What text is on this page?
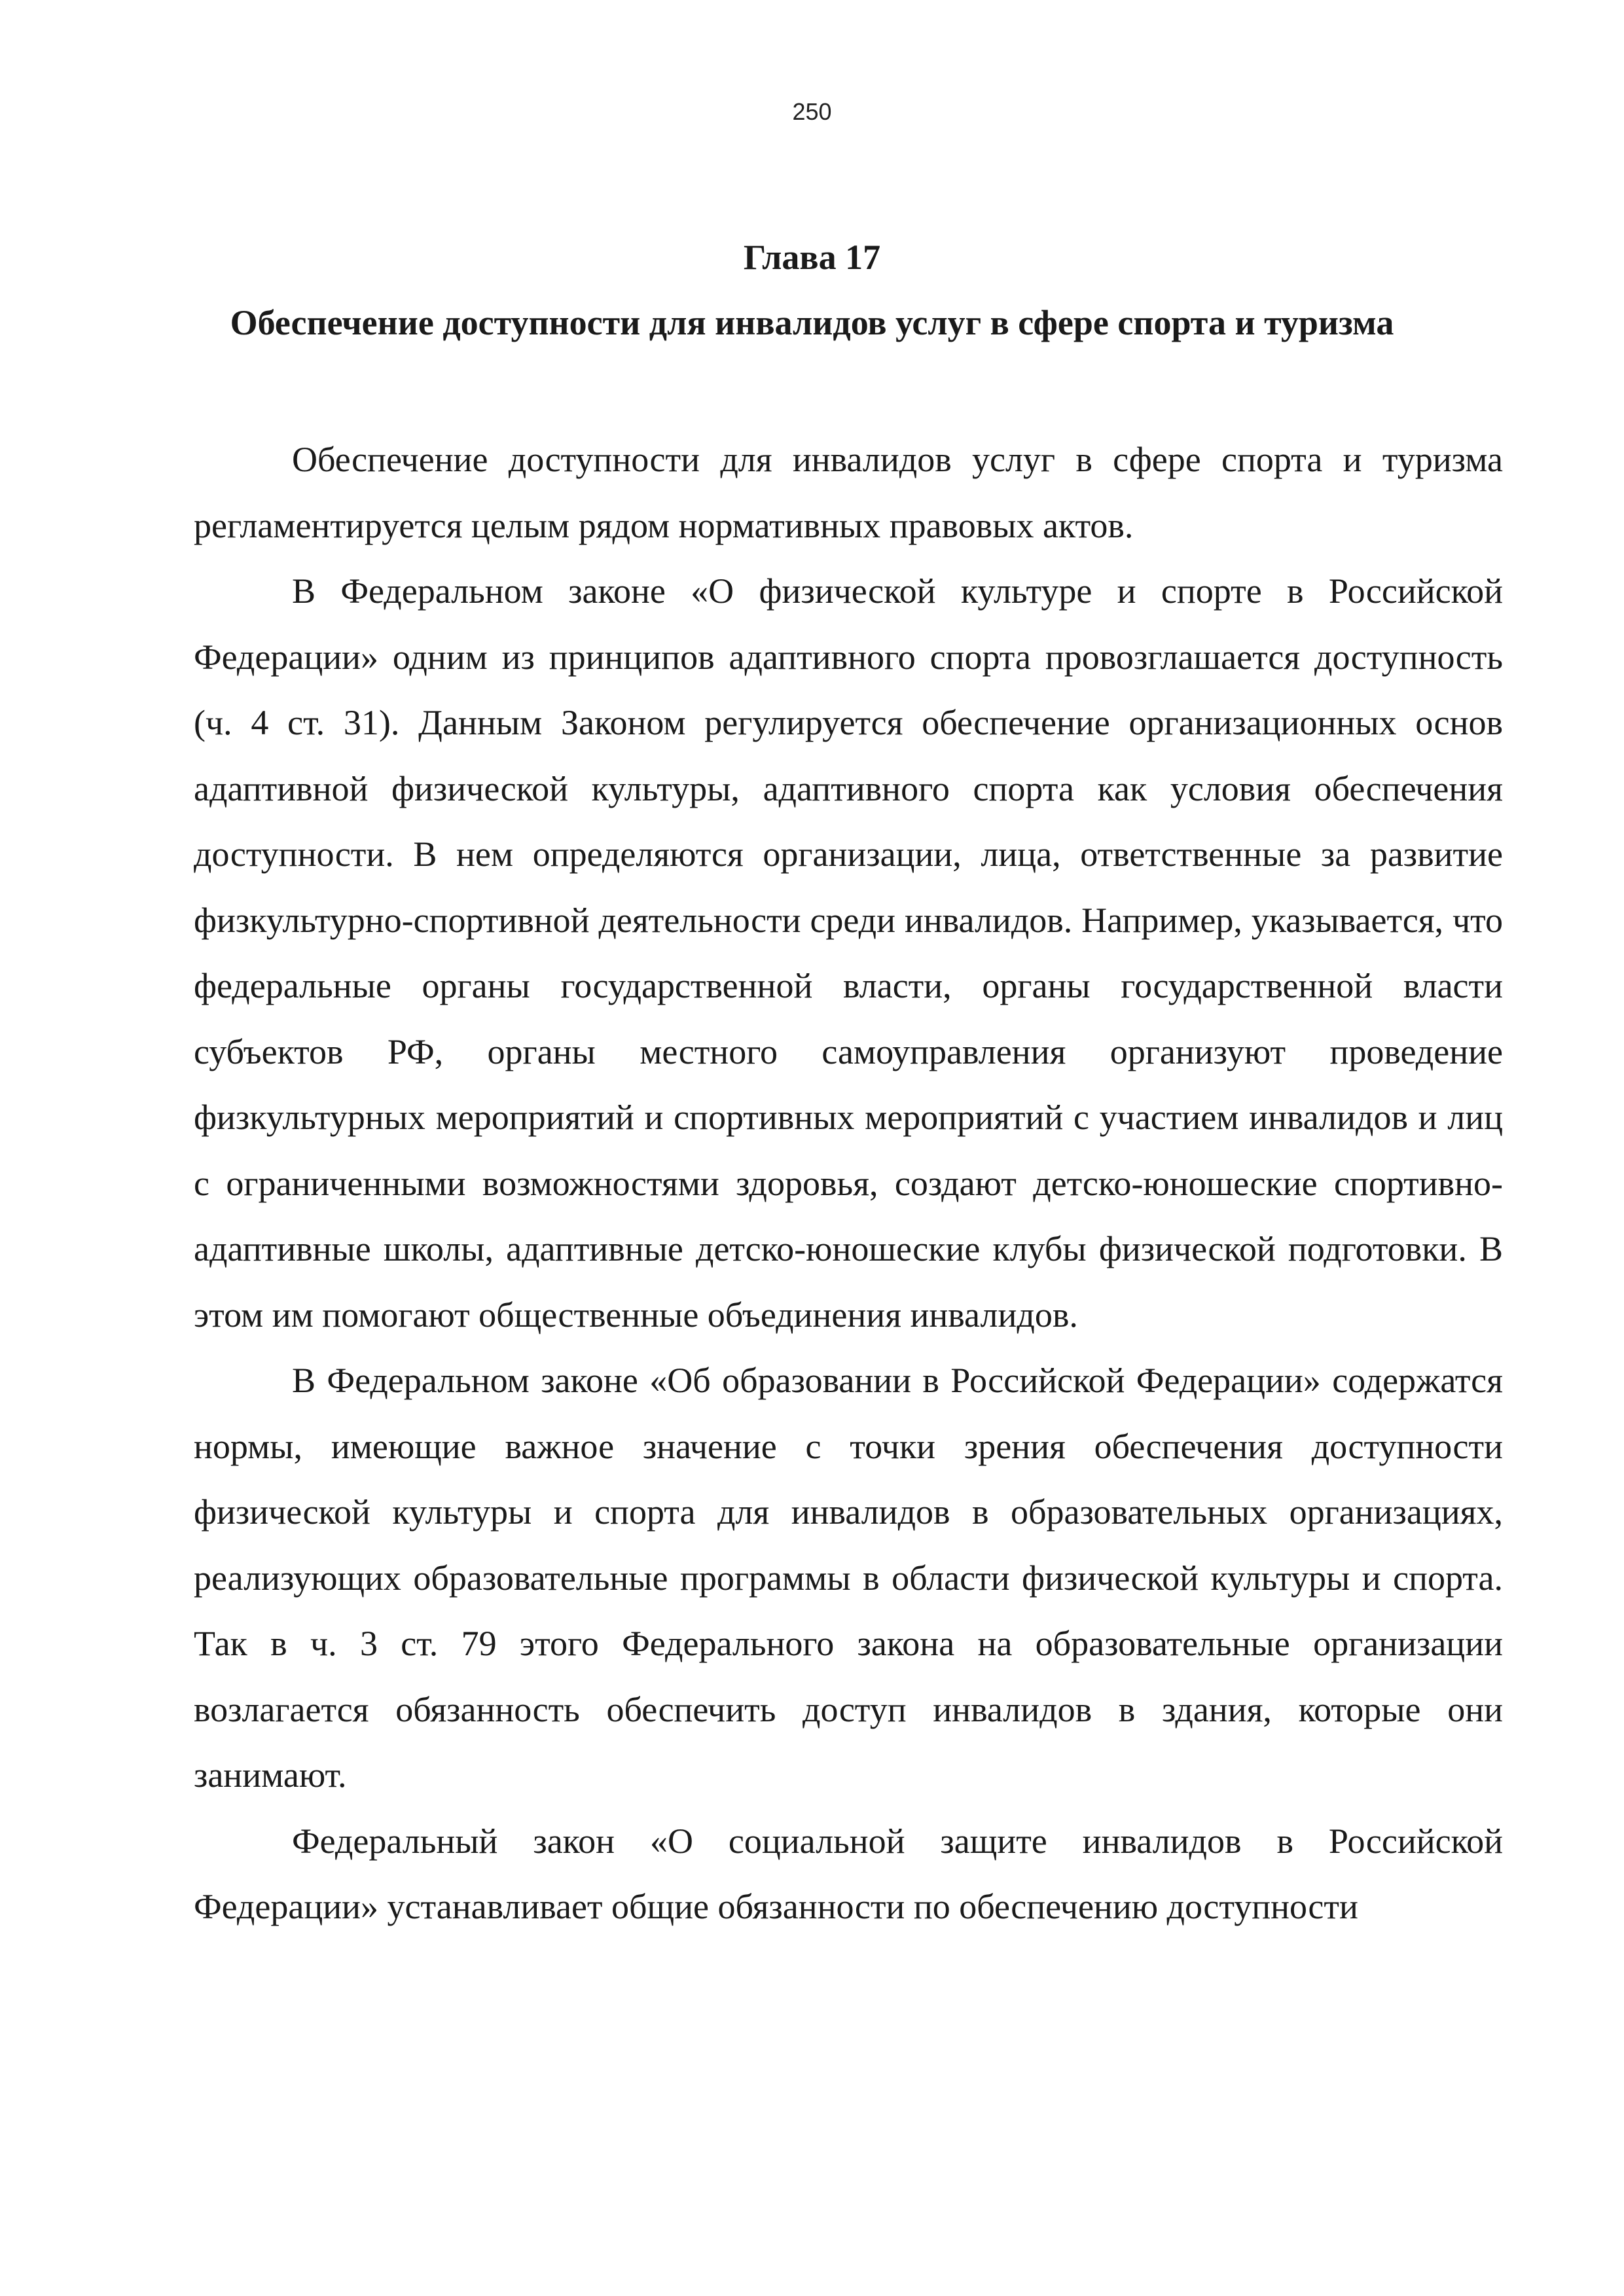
250
Глава 17
Обеспечение доступности для инвалидов услуг в сфере спорта и туризма

Обеспечение доступности для инвалидов услуг в сфере спорта и туризма регламентируется целым рядом нормативных правовых актов.

В Федеральном законе «О физической культуре и спорте в Российской Федерации» одним из принципов адаптивного спорта провозглашается доступность (ч. 4 ст. 31). Данным Законом регулируется обеспечение организационных основ адаптивной физической культуры, адаптивного спорта как условия обеспечения доступности. В нем определяются организации, лица, ответственные за развитие физкультурно-спортивной деятельности среди инвалидов. Например, указывается, что федеральные органы государственной власти, органы государственной власти субъектов РФ, органы местного самоуправления организуют проведение физкультурных мероприятий и спортивных мероприятий с участием инвалидов и лиц с ограниченными возможностями здоровья, создают детско-юношеские спортивно-адаптивные школы, адаптивные детско-юношеские клубы физической подготовки. В этом им помогают общественные объединения инвалидов.

В Федеральном законе «Об образовании в Российской Федерации» содержатся нормы, имеющие важное значение с точки зрения обеспечения доступности физической культуры и спорта для инвалидов в образовательных организациях, реализующих образовательные программы в области физической культуры и спорта. Так в ч. 3 ст. 79 этого Федерального закона на образовательные организации возлагается обязанность обеспечить доступ инвалидов в здания, которые они занимают.

Федеральный закон «О социальной защите инвалидов в Российской Федерации» устанавливает общие обязанности по обеспечению доступности
